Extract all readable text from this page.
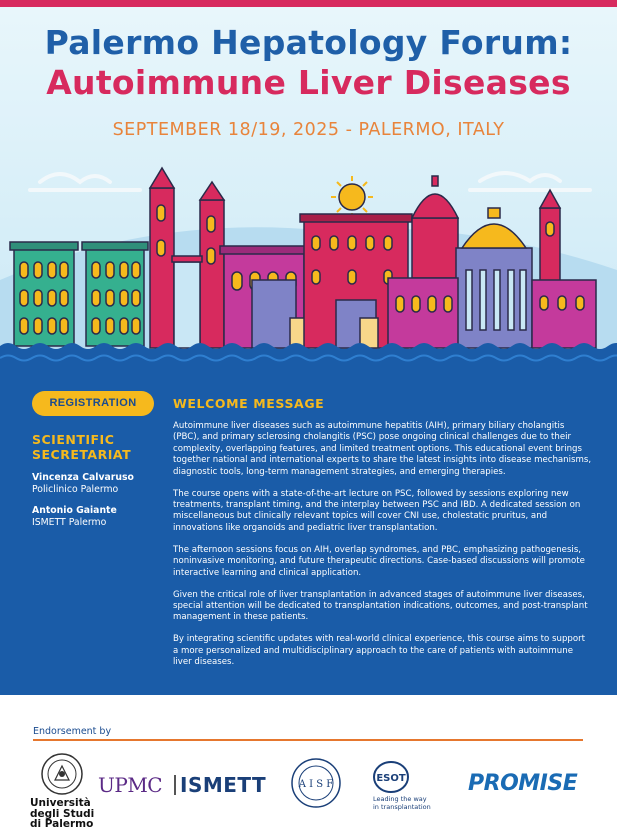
Palermo Hepatology Forum:
Autoimmune Liver Diseases
SEPTEMBER 18/19, 2025 - PALERMO, ITALY
REGISTRATION
SCIENTIFIC SECRETARIAT
Vincenza Calvaruso
Policlinico Palermo
Antonio Gaiante
ISMETT Palermo
WELCOME MESSAGE

Autoimmune liver diseases such as autoimmune hepatitis (AIH), primary biliary cholangitis (PBC), and primary sclerosing cholangitis (PSC) pose ongoing clinical challenges due to their complexity, overlapping features, and limited treatment options. This educational event brings together national and international experts to share the latest insights into disease mechanisms, diagnostic tools, long-term management strategies, and emerging therapies.

The course opens with a state-of-the-art lecture on PSC, followed by sessions exploring new treatments, transplant timing, and the interplay between PSC and IBD. A dedicated session on miscellaneous but clinically relevant topics will cover CNI use, cholestatic pruritus, and innovations like organoids and pediatric liver transplantation.

The afternoon sessions focus on AIH, overlap syndromes, and PBC, emphasizing pathogenesis, noninvasive monitoring, and future therapeutic directions. Case-based discussions will promote interactive learning and clinical application.

Given the critical role of liver transplantation in advanced stages of autoimmune liver diseases, special attention will be dedicated to transplantation indications, outcomes, and post-transplant management in these patients.

By integrating scientific updates with real-world clinical experience, this course aims to support a more personalized and multidisciplinary approach to the care of patients with autoimmune liver diseases.

Endorsement by
Università
degli Studi
di Palermo
UPMC ISMETT	A I S F
ESOT
Leading the way
in transplantation
PROMISE
